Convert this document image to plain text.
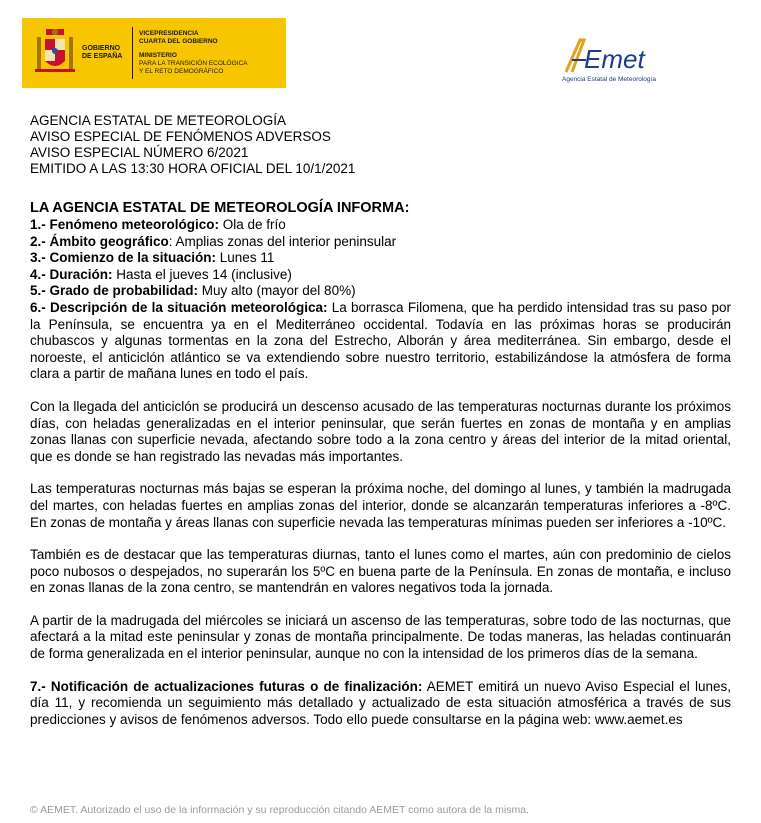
GOBIERNO
DE ESPAÑA
VICEPRESIDENCIA
CUARTA DEL GOBIERNO
MINISTERIO
PARA LA TRANSICIÓN ECOLÓGICA
Y EL RETO DEMOGRÁFICO	Emet
Agencia Estatal de Meteorología
AGENCIA ESTATAL DE METEOROLOGÍA
AVISO ESPECIAL DE FENÓMENOS ADVERSOS
AVISO ESPECIAL NÚMERO 6/2021
EMITIDO A LAS 13:30 HORA OFICIAL DEL 10/1/2021
LA AGENCIA ESTATAL DE METEOROLOGÍA INFORMA:

1.- Fenómeno meteorológico: Ola de frío

2.- Ámbito geográfico: Amplias zonas del interior peninsular

3.- Comienzo de la situación: Lunes 11

4.- Duración: Hasta el jueves 14 (inclusive)

5.- Grado de probabilidad: Muy alto (mayor del 80%)

6.- Descripción de la situación meteorológica: La borrasca Filomena, que ha perdido intensidad tras su paso por la Península, se encuentra ya en el Mediterráneo occidental. Todavía en las próximas horas se producirán chubascos y algunas tormentas en la zona del Estrecho, Alborán y área mediterránea. Sin embargo, desde el noroeste, el anticiclón atlántico se va extendiendo sobre nuestro territorio, estabilizándose la atmósfera de forma clara a partir de mañana lunes en todo el país.

Con la llegada del anticiclón se producirá un descenso acusado de las temperaturas nocturnas durante los próximos días, con heladas generalizadas en el interior peninsular, que serán fuertes en zonas de montaña y en amplias zonas llanas con superficie nevada, afectando sobre todo a la zona centro y áreas del interior de la mitad oriental, que es donde se han registrado las nevadas más importantes.

Las temperaturas nocturnas más bajas se esperan la próxima noche, del domingo al lunes, y también la madrugada del martes, con heladas fuertes en amplias zonas del interior, donde se alcanzarán temperaturas inferiores a -8ºC. En zonas de montaña y áreas llanas con superficie nevada las temperaturas mínimas pueden ser inferiores a -10ºC.

También es de destacar que las temperaturas diurnas, tanto el lunes como el martes, aún con predominio de cielos poco nubosos o despejados, no superarán los 5ºC en buena parte de la Península. En zonas de montaña, e incluso en zonas llanas de la zona centro, se mantendrán en valores negativos toda la jornada.

A partir de la madrugada del miércoles se iniciará un ascenso de las temperaturas, sobre todo de las nocturnas, que afectará a la mitad este peninsular y zonas de montaña principalmente. De todas maneras, las heladas continuarán de forma generalizada en el interior peninsular, aunque no con la intensidad de los primeros días de la semana.

7.- Notificación de actualizaciones futuras o de finalización: AEMET emitirá un nuevo Aviso Especial el lunes, día 11, y recomienda un seguimiento más detallado y actualizado de esta situación atmosférica a través de sus predicciones y avisos de fenómenos adversos. Todo ello puede consultarse en la página web: www.aemet.es

© AEMET. Autorizado el uso de la información y su reproducción citando AEMET como autora de la misma.
